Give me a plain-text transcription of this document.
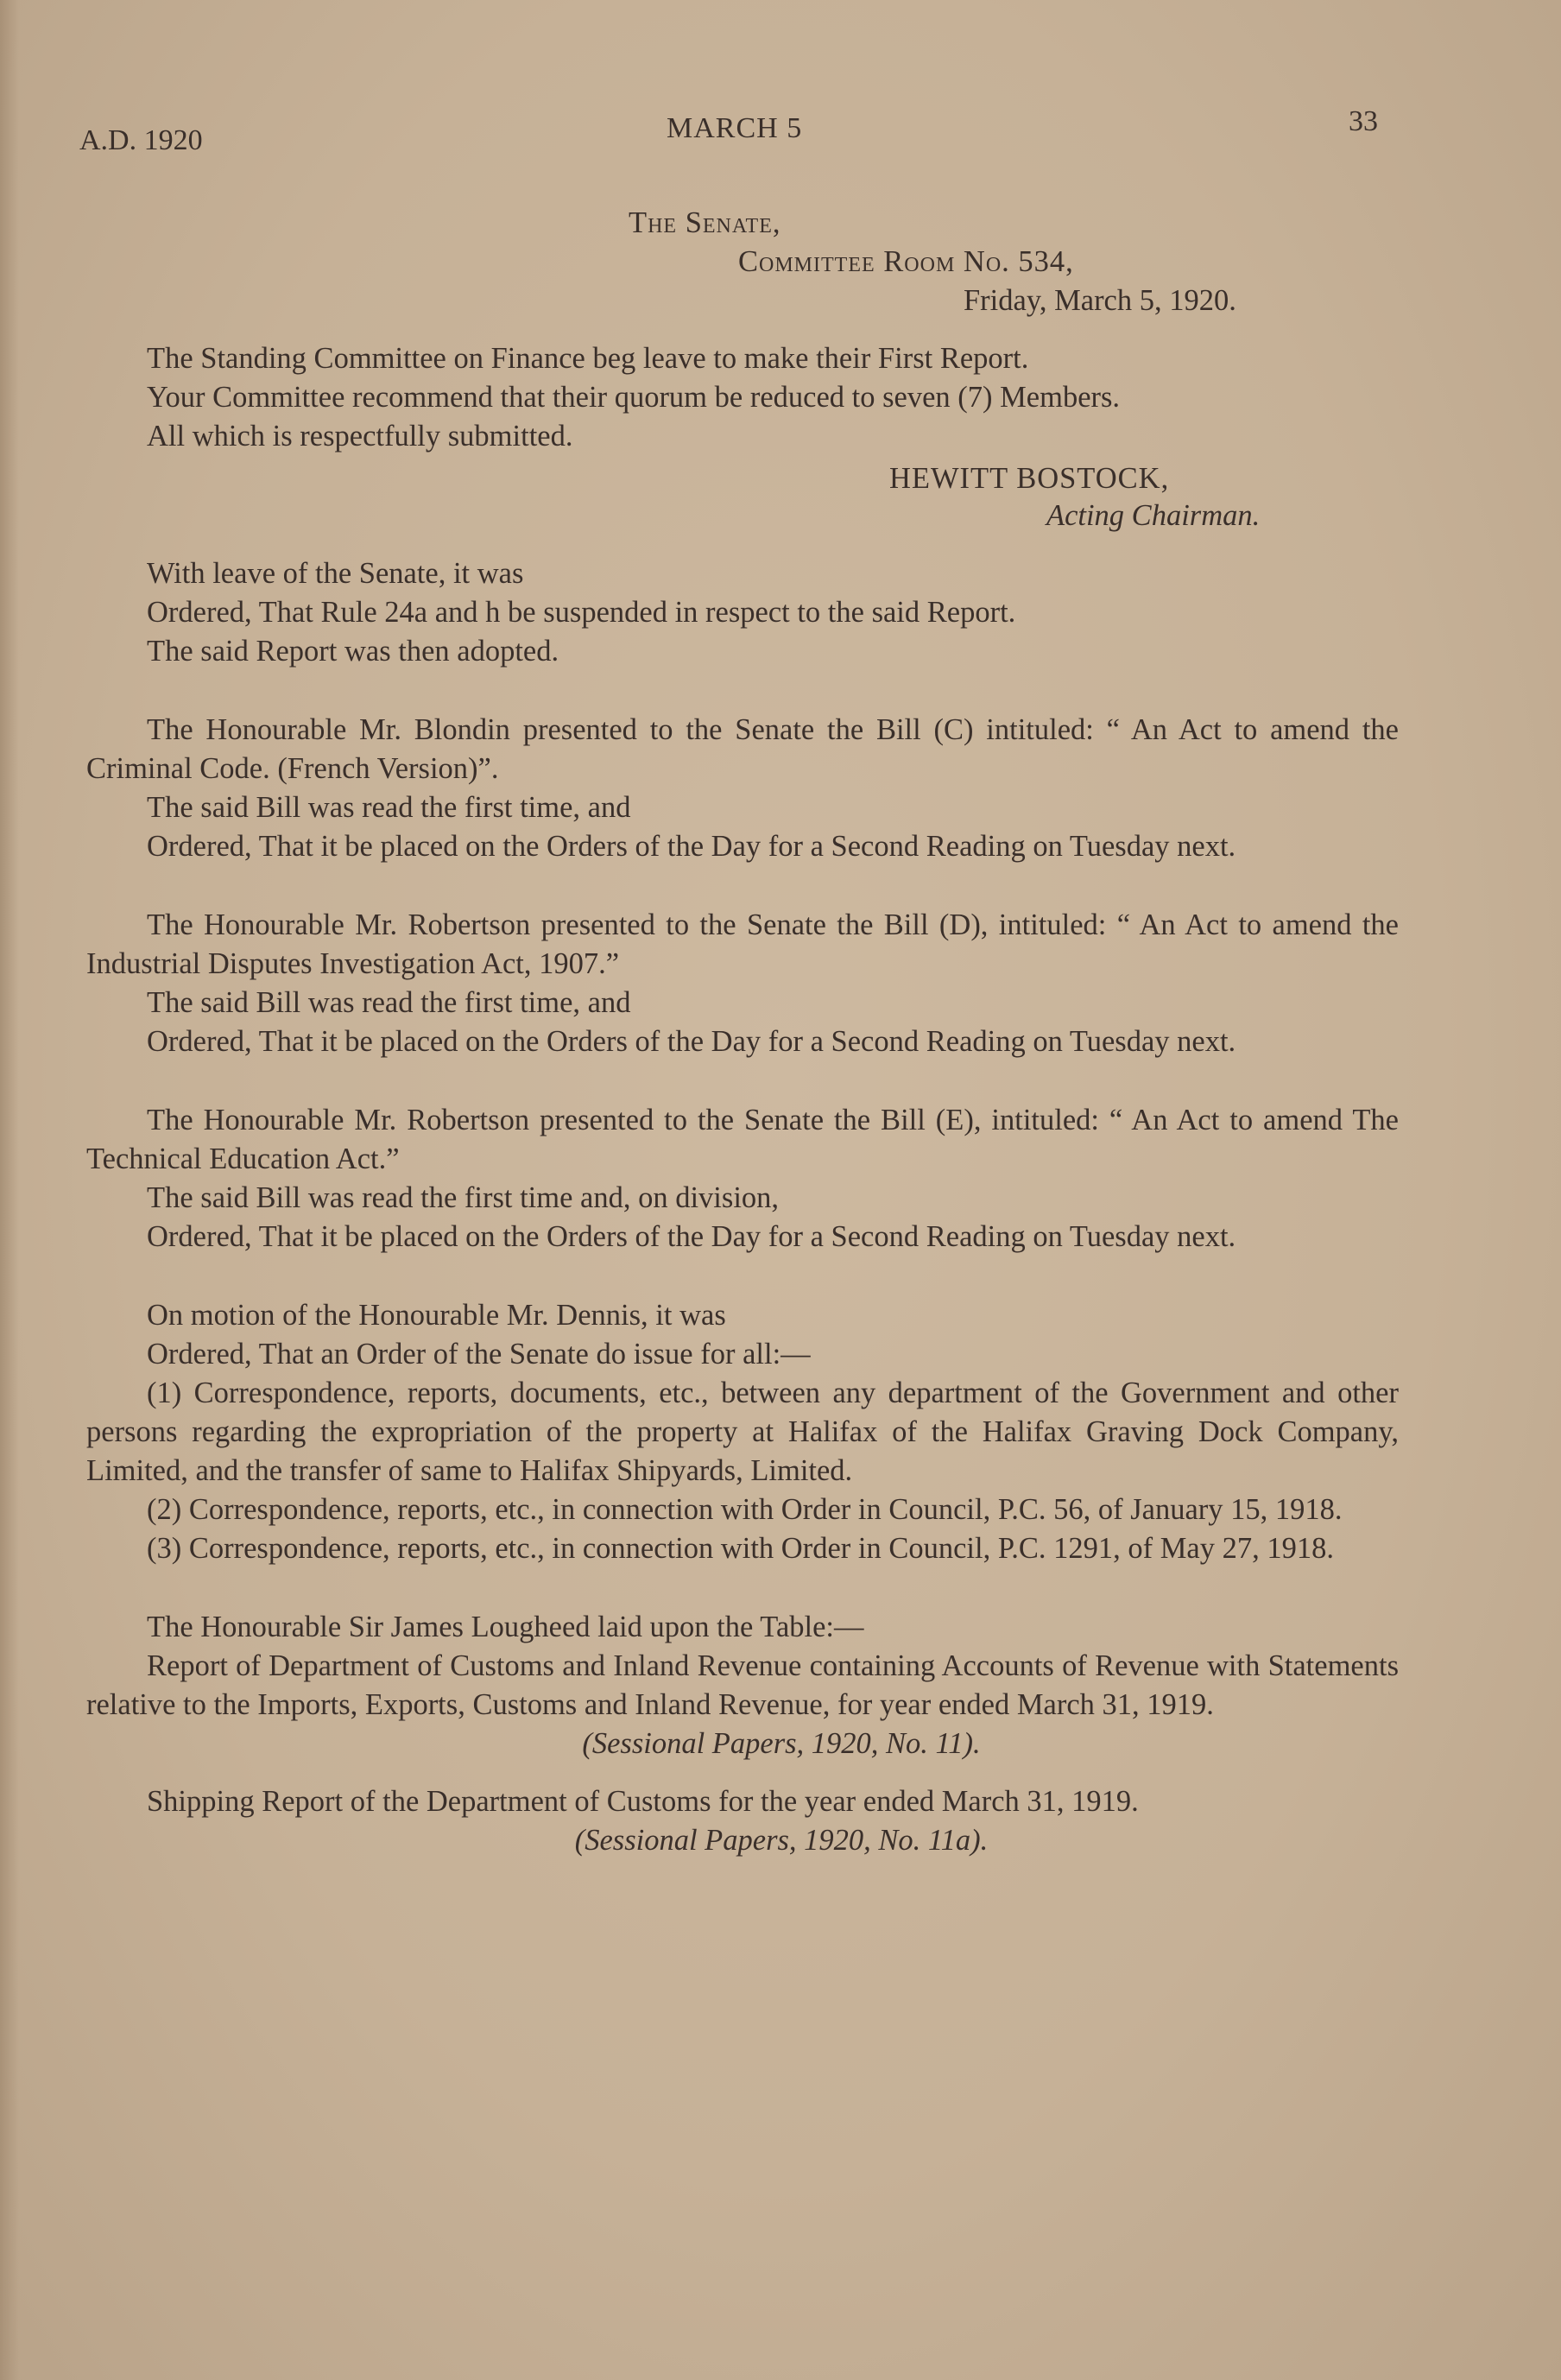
A.D. 1920	MARCH 5	33

The Senate,

Committee Room No. 534,

Friday, March 5, 1920.

The Standing Committee on Finance beg leave to make their First Report.

Your Committee recommend that their quorum be reduced to seven (7) Members.

All which is respectfully submitted.

HEWITT BOSTOCK,

Acting Chairman.

With leave of the Senate, it was

Ordered, That Rule 24a and h be suspended in respect to the said Report.

The said Report was then adopted.

The Honourable Mr. Blondin presented to the Senate the Bill (C) intituled: “ An Act to amend the Criminal Code. (French Version)”.

The said Bill was read the first time, and

Ordered, That it be placed on the Orders of the Day for a Second Reading on Tuesday next.

The Honourable Mr. Robertson presented to the Senate the Bill (D), intituled: “ An Act to amend the Industrial Disputes Investigation Act, 1907.”

The said Bill was read the first time, and

Ordered, That it be placed on the Orders of the Day for a Second Reading on Tuesday next.

The Honourable Mr. Robertson presented to the Senate the Bill (E), intituled: “ An Act to amend The Technical Education Act.”

The said Bill was read the first time and, on division,

Ordered, That it be placed on the Orders of the Day for a Second Reading on Tuesday next.

On motion of the Honourable Mr. Dennis, it was

Ordered, That an Order of the Senate do issue for all:—

(1) Correspondence, reports, documents, etc., between any department of the Government and other persons regarding the expropriation of the property at Halifax of the Halifax Graving Dock Company, Limited, and the transfer of same to Halifax Shipyards, Limited.

(2) Correspondence, reports, etc., in connection with Order in Council, P.C. 56, of January 15, 1918.

(3) Correspondence, reports, etc., in connection with Order in Council, P.C. 1291, of May 27, 1918.

The Honourable Sir James Lougheed laid upon the Table:—

Report of Department of Customs and Inland Revenue containing Accounts of Revenue with Statements relative to the Imports, Exports, Customs and Inland Revenue, for year ended March 31, 1919.

(Sessional Papers, 1920, No. 11).

Shipping Report of the Department of Customs for the year ended March 31, 1919.

(Sessional Papers, 1920, No. 11a).
